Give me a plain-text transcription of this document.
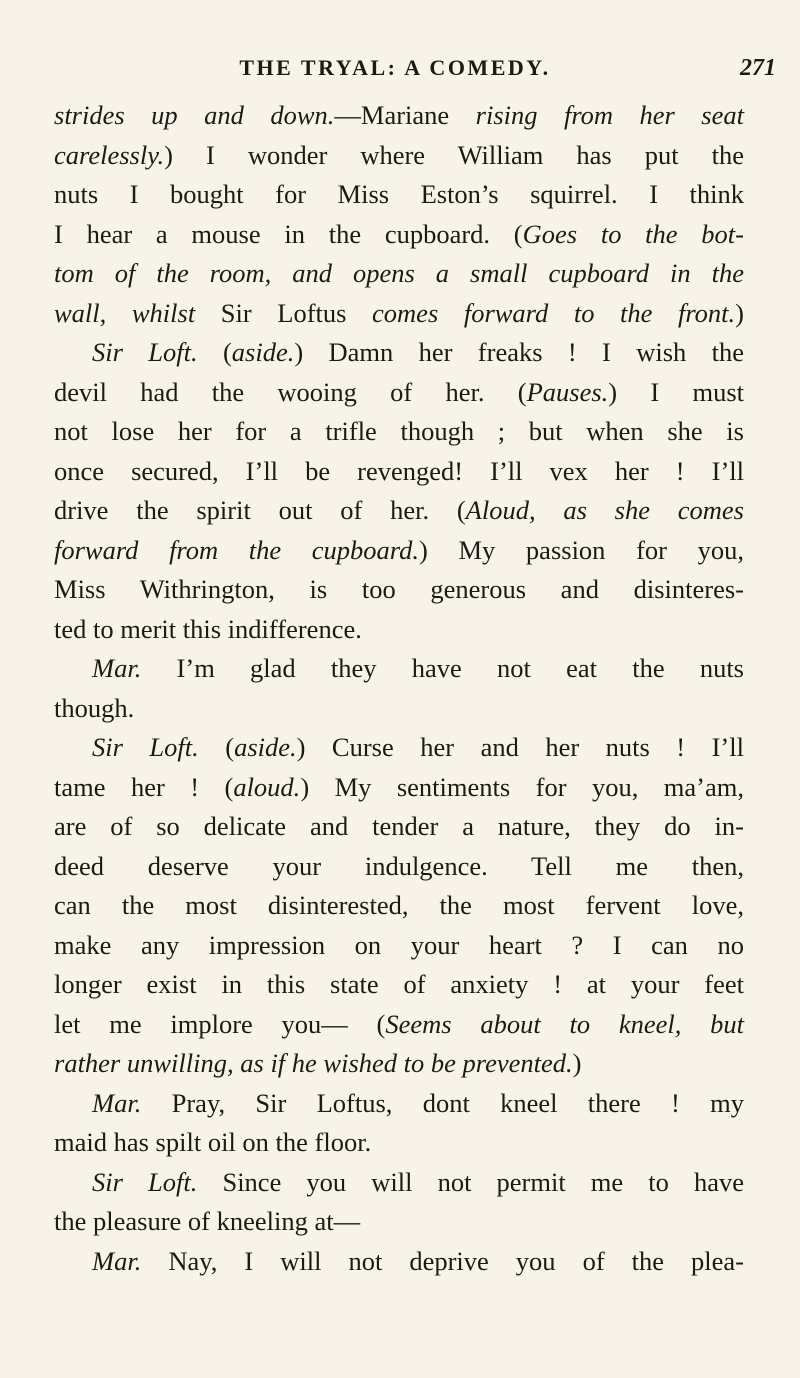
THE TRYAL: A COMEDY.	271
strides up and down.—Mariane rising from her seat
carelessly.) I wonder where William has put the
nuts I bought for Miss Eston’s squirrel. I think
I hear a mouse in the cupboard. (Goes to the bot-
tom of the room, and opens a small cupboard in the
wall, whilst Sir Loftus comes forward to the front.)
Sir Loft. (aside.) Damn her freaks ! I wish the
devil had the wooing of her. (Pauses.) I must
not lose her for a trifle though ; but when she is
once secured, I’ll be revenged! I’ll vex her ! I’ll
drive the spirit out of her. (Aloud, as she comes
forward from the cupboard.) My passion for you,
Miss Withrington, is too generous and disinteres-
ted to merit this indifference.
Mar. I’m glad they have not eat the nuts
though.
Sir Loft. (aside.) Curse her and her nuts ! I’ll
tame her ! (aloud.) My sentiments for you, ma’am,
are of so delicate and tender a nature, they do in-
deed deserve your indulgence. Tell me then,
can the most disinterested, the most fervent love,
make any impression on your heart ? I can no
longer exist in this state of anxiety ! at your feet
let me implore you— (Seems about to kneel, but
rather unwilling, as if he wished to be prevented.)
Mar. Pray, Sir Loftus, dont kneel there ! my
maid has spilt oil on the floor.
Sir Loft. Since you will not permit me to have
the pleasure of kneeling at—
Mar. Nay, I will not deprive you of the plea-
